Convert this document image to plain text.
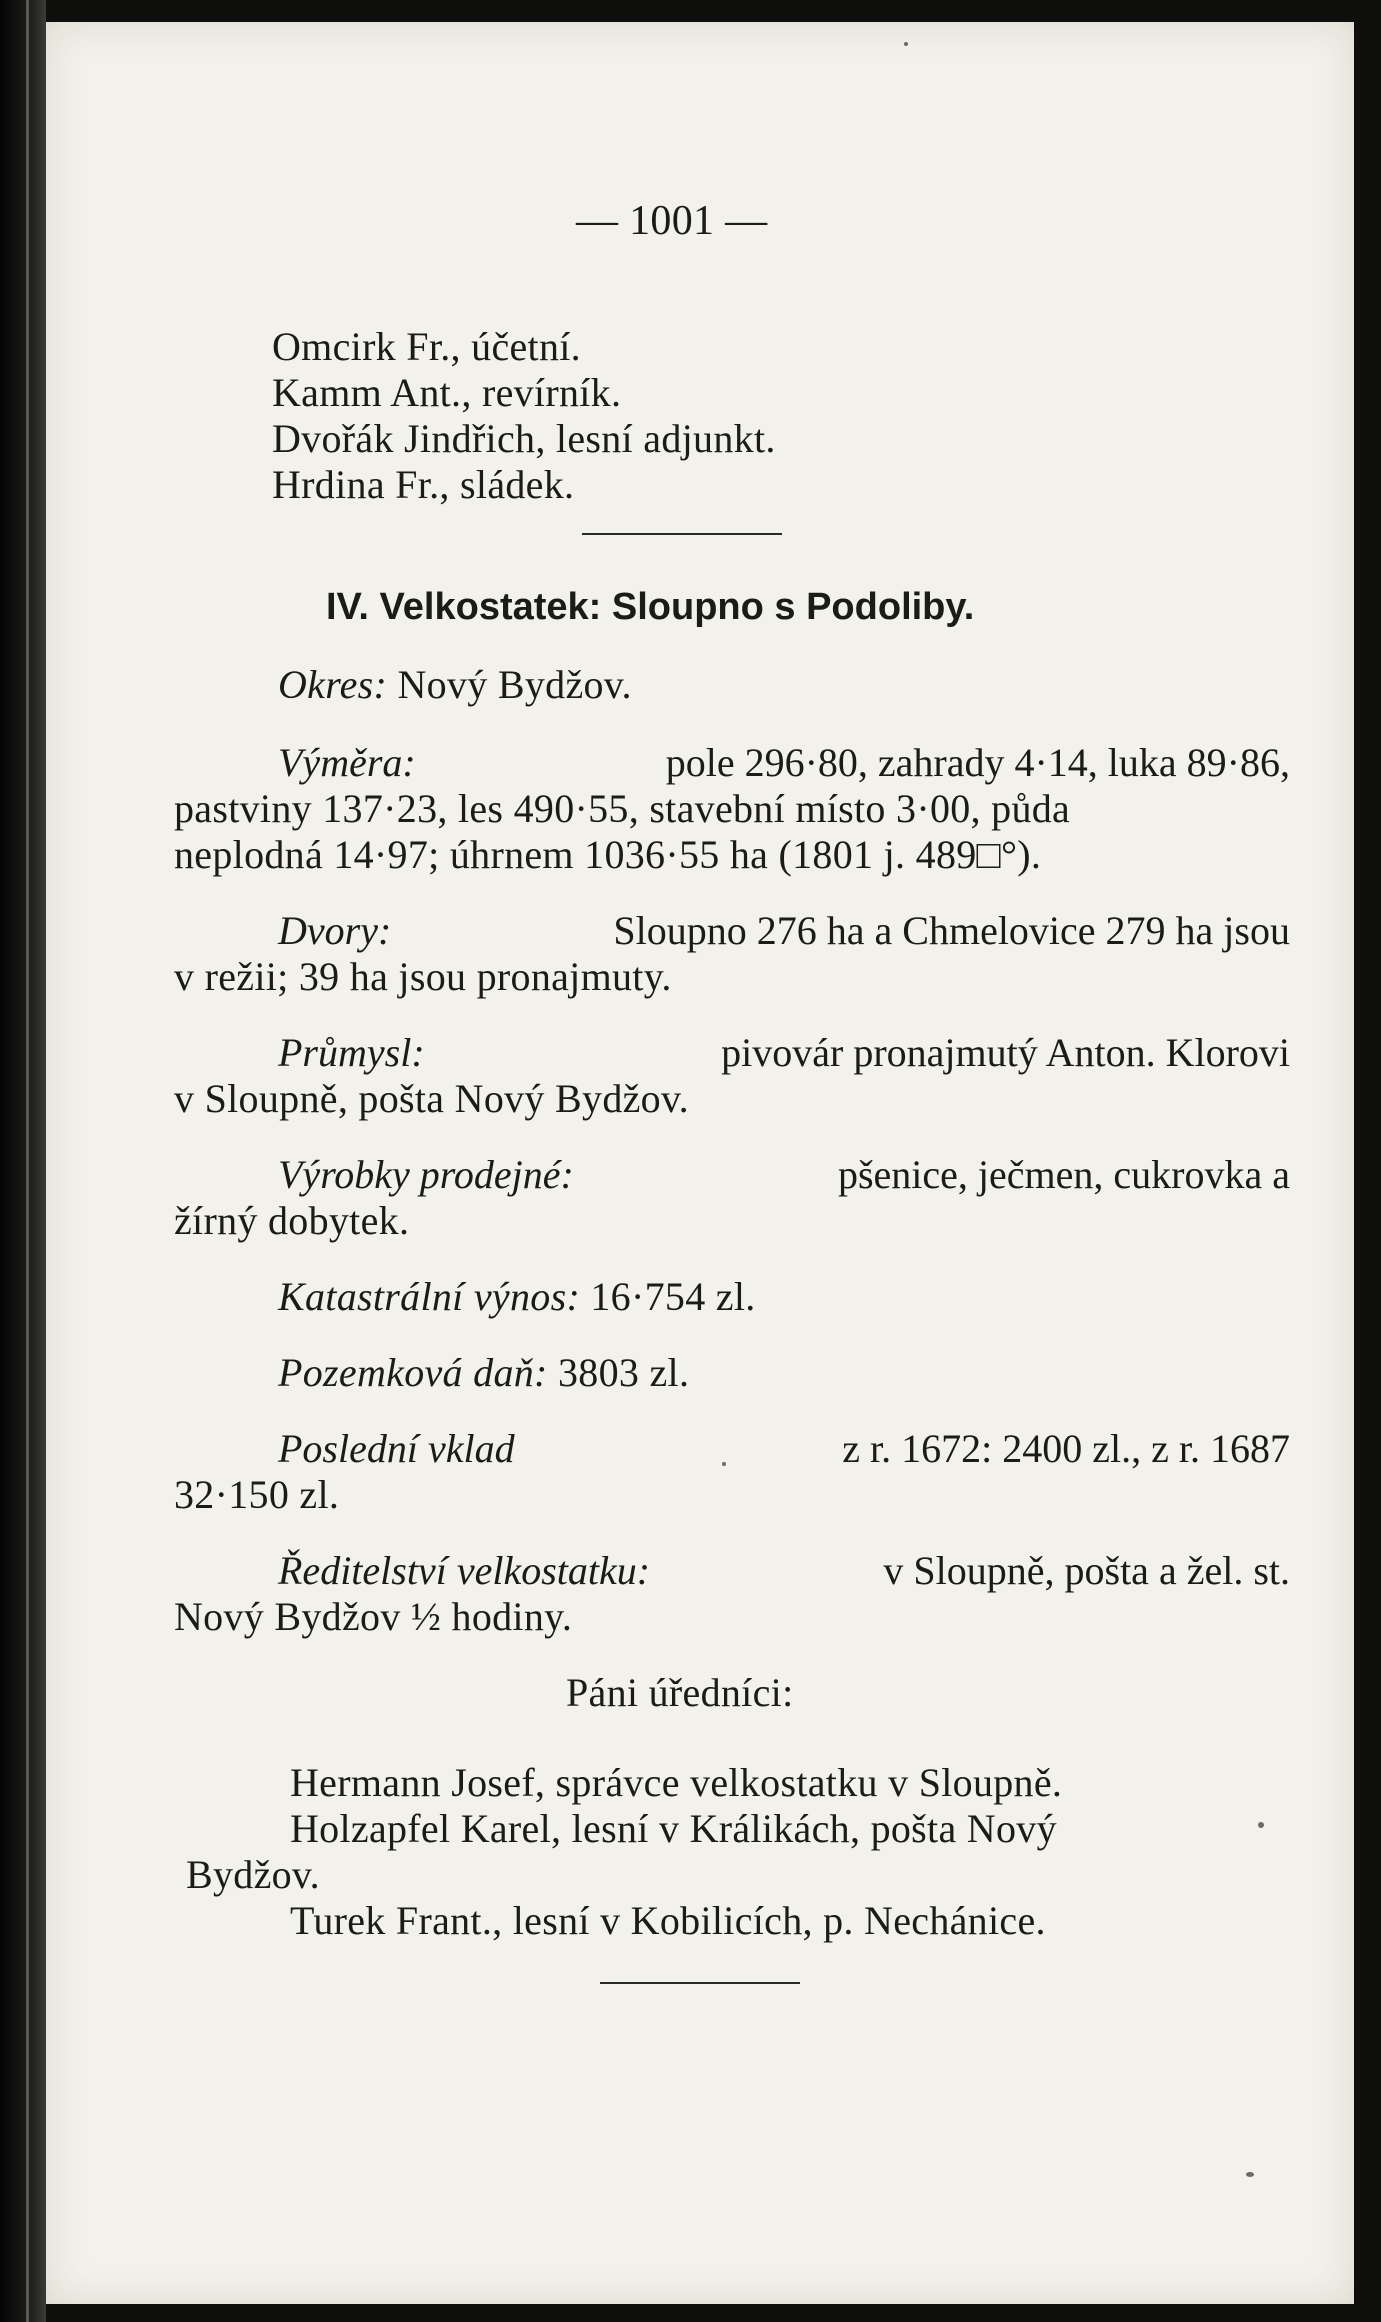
— 1001 —
Omcirk Fr., účetní.
Kamm Ant., revírník.
Dvořák Jindřich, lesní adjunkt.
Hrdina Fr., sládek.
IV. Velkostatek: Sloupno s Podoliby.
Okres: Nový Bydžov.
Výměra:	pole 296·80, zahrady 4·14, luka 89·86,
pastviny 137·23, les 490·55, stavební místo 3·00, půda
neplodná 14·97; úhrnem 1036·55 ha (1801 j. 489□°).
Dvory:	Sloupno 276 ha a Chmelovice 279 ha jsou
v režii; 39 ha jsou pronajmuty.
Průmysl:	pivovár pronajmutý Anton. Klorovi
v Sloupně, pošta Nový Bydžov.
Výrobky prodejné:	pšenice, ječmen, cukrovka a
žírný dobytek.
Katastrální výnos: 16·754 zl.
Pozemková daň: 3803 zl.
Poslední vklad	z r. 1672: 2400 zl., z r. 1687
32·150 zl.
Ředitelství velkostatku:	v Sloupně, pošta a žel. st.
Nový Bydžov ½ hodiny.
Páni úředníci:
Hermann Josef, správce velkostatku v Sloupně.
Holzapfel Karel, lesní v Králikách, pošta Nový
Bydžov.
Turek Frant., lesní v Kobilicích, p. Nechánice.
